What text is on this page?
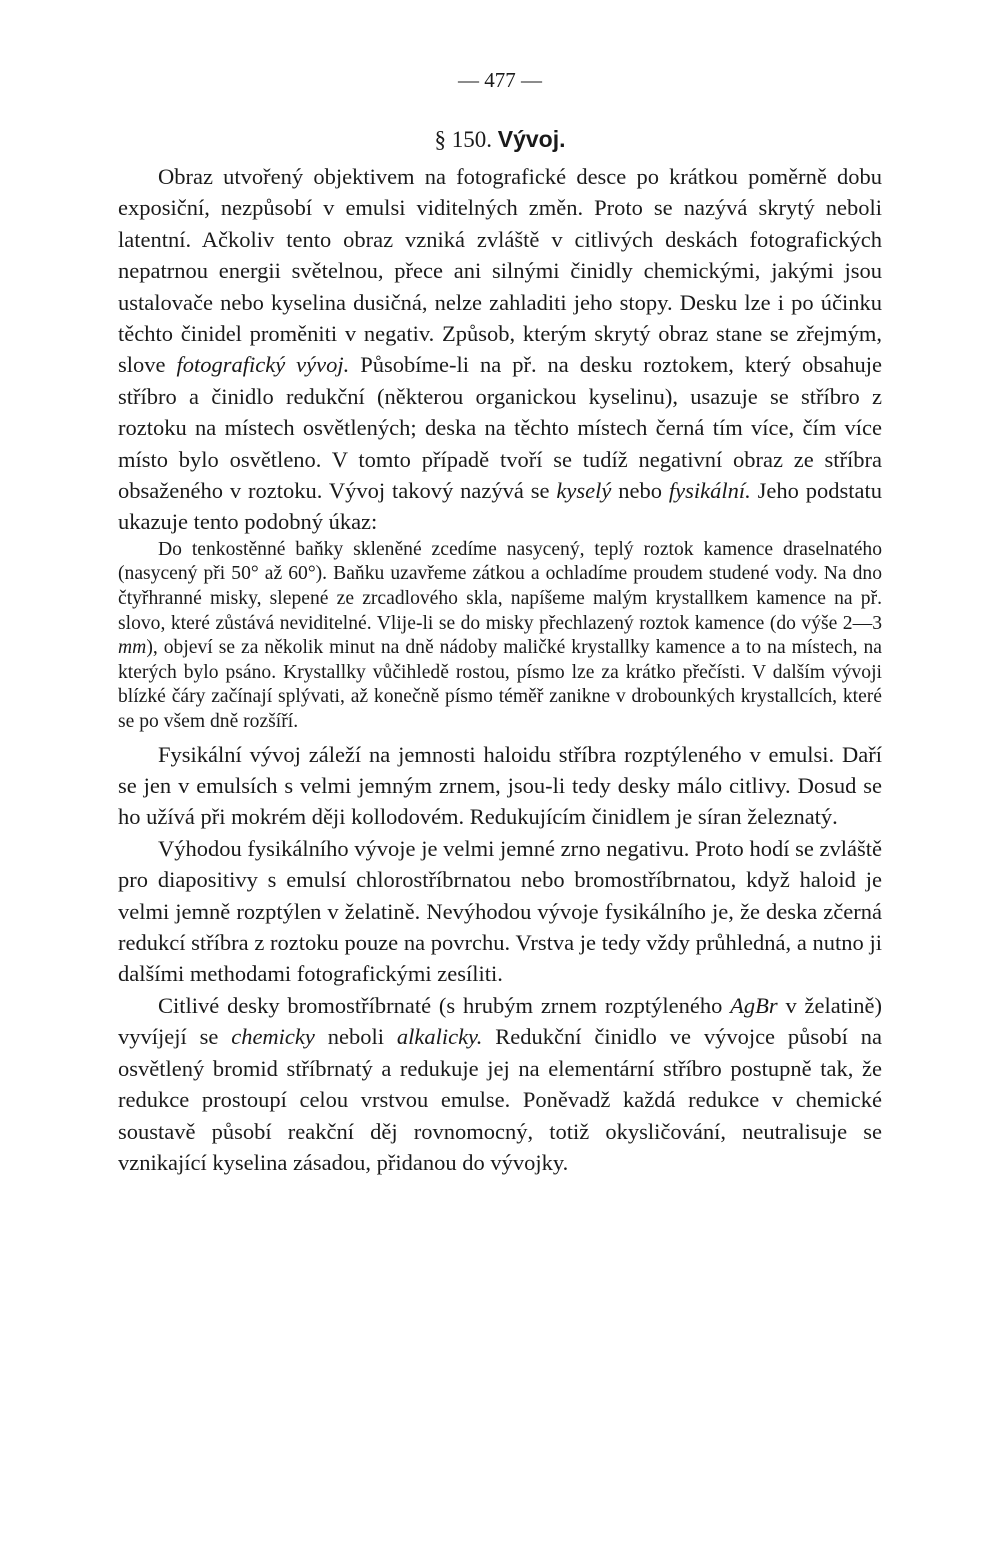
— 477 —
§ 150. Vývoj.

Obraz utvořený objektivem na fotografické desce po krátkou poměrně dobu exposiční, nezpůsobí v emulsi viditelných změn. Proto se nazývá skrytý neboli latentní. Ačkoliv tento obraz vzniká zvláště v citlivých deskách fotografických nepatrnou energii světelnou, přece ani silnými činidly chemickými, jakými jsou ustalovače nebo kyselina dusičná, nelze zahladiti jeho stopy. Desku lze i po účinku těchto činidel proměniti v negativ. Způsob, kterým skrytý obraz stane se zřejmým, slove fotografický vývoj. Působíme-li na př. na desku roztokem, který obsahuje stříbro a činidlo redukční (některou organickou kyselinu), usazuje se stříbro z roztoku na místech osvětlených; deska na těchto místech černá tím více, čím více místo bylo osvětleno. V tomto případě tvoří se tudíž negativní obraz ze stříbra obsaženého v roztoku. Vývoj takový nazývá se kyselý nebo fysikální. Jeho podstatu ukazuje tento podobný úkaz:

Do tenkostěnné baňky skleněné zcedíme nasycený, teplý roztok kamence draselnatého (nasycený při 50° až 60°). Baňku uzavřeme zátkou a ochladíme proudem studené vody. Na dno čtyřhranné misky, slepené ze zrcadlového skla, napíšeme malým krystallkem kamence na př. slovo, které zůstává neviditelné. Vlije-li se do misky přechlazený roztok kamence (do výše 2—3 mm), objeví se za několik minut na dně nádoby maličké krystallky kamence a to na místech, na kterých bylo psáno. Krystallky vůčihledě rostou, písmo lze za krátko přečísti. V dalším vývoji blízké čáry začínají splývati, až konečně písmo téměř zanikne v drobounkých krystallcích, které se po všem dně rozšíří.

Fysikální vývoj záleží na jemnosti haloidu stříbra rozptýleného v emulsi. Daří se jen v emulsích s velmi jemným zrnem, jsou-li tedy desky málo citlivy. Dosud se ho užívá při mokrém ději kollodovém. Redukujícím činidlem je síran železnatý.

Výhodou fysikálního vývoje je velmi jemné zrno negativu. Proto hodí se zvláště pro diapositivy s emulsí chlorostříbrnatou nebo bromostříbrnatou, když haloid je velmi jemně rozptýlen v želatině. Nevýhodou vývoje fysikálního je, že deska zčerná redukcí stříbra z roztoku pouze na povrchu. Vrstva je tedy vždy průhledná, a nutno ji dalšími methodami fotografickými zesíliti.

Citlivé desky bromostříbrnaté (s hrubým zrnem rozptýleného AgBr v želatině) vyvíjejí se chemicky neboli alkalicky. Redukční činidlo ve vývojce působí na osvětlený bromid stříbrnatý a redukuje jej na elementární stříbro postupně tak, že redukce prostoupí celou vrstvou emulse. Poněvadž každá redukce v chemické soustavě působí reakční děj rovnomocný, totiž okysličování, neutralisuje se vznikající kyselina zásadou, přidanou do vývojky.
